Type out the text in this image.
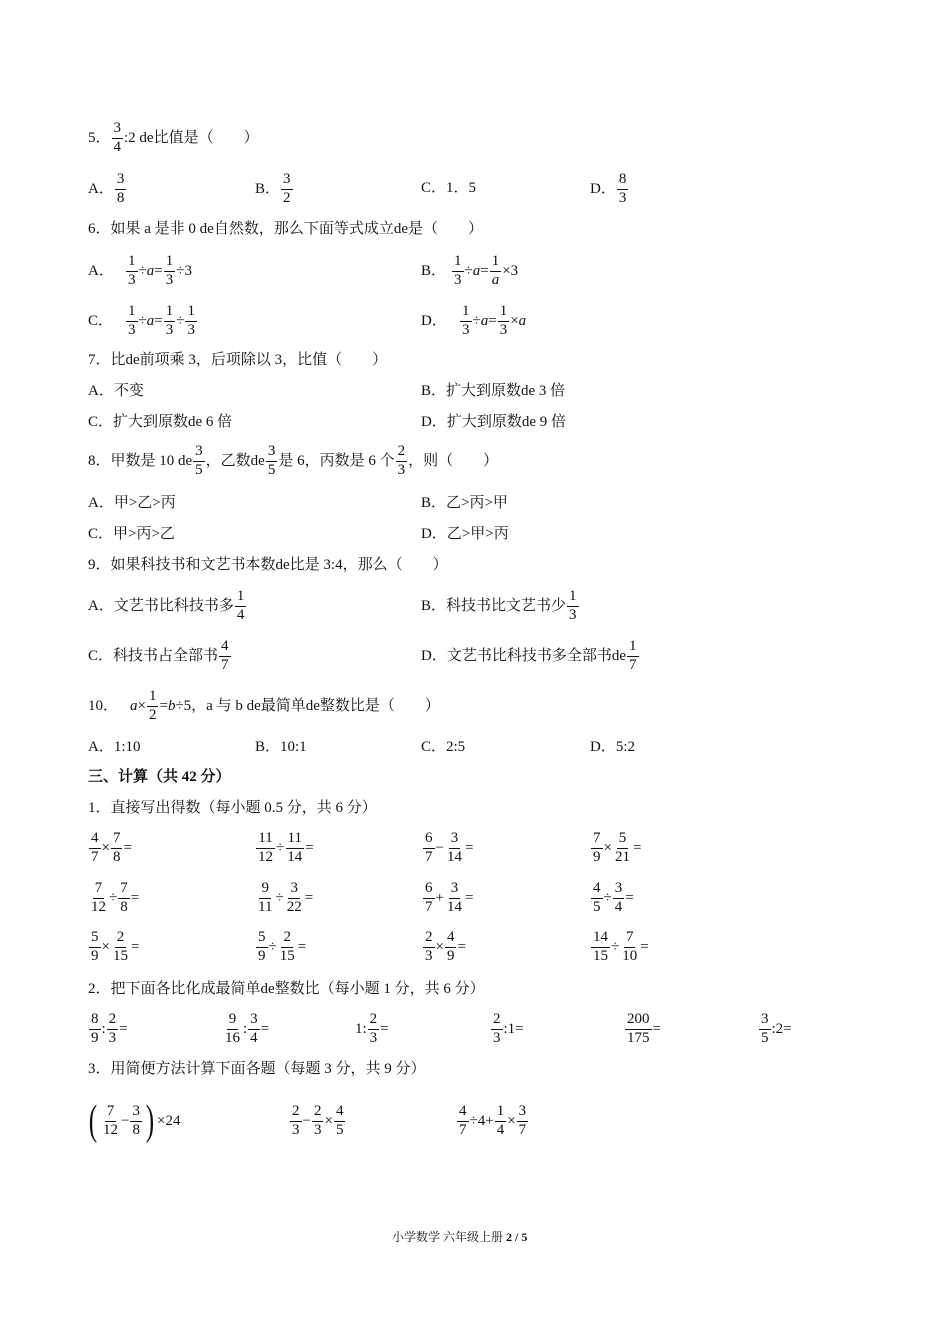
5． $\frac{3}{4}$ :2 de比值是（　　）
A． $\frac{3}{8}$	B． $\frac{3}{2}$	C． 1．5	D． $\frac{8}{3}$
6．如果 a 是非 0 de自然数，那么下面等式成立de是（　　）
A． $\frac{1}{3} \div a = \frac{1}{3} \div 3$	B． $\frac{1}{3} \div a = \frac{1}{a} \times 3$
C． $\frac{1}{3} \div a = \frac{1}{3} \div \frac{1}{3}$	D． $\frac{1}{3} \div a = \frac{1}{3} \times a$
7．比de前项乘 3，后项除以 3，比值（　　）
A．不变	B．扩大到原数de 3 倍
C．扩大到原数de 6 倍	D．扩大到原数de 9 倍
8．甲数是 10 de $\frac{3}{5}$ ，乙数de $\frac{3}{5}$ 是 6，丙数是 6 个 $\frac{2}{3}$ ，则（　　）
A．甲>乙>丙	B．乙>丙>甲
C．甲>丙>乙	D．乙>甲>丙
9．如果科技书和文艺书本数de比是 3:4，那么（　　）
A．文艺书比科技书多 $\frac{1}{4}$	B．科技书比文艺书少 $\frac{1}{3}$
C．科技书占全部书 $\frac{4}{7}$	D．文艺书比科技书多全部书de $\frac{1}{7}$
10． $a \times \frac{1}{2} = b \div 5$， a 与 b de最简单de整数比是（　　）
A．1:10	B．10:1	C．2:5	D．5:2
三、计算（共 42 分）
1．直接写出得数（每小题 0.5 分，共 6 分）
$\frac{4}{7} \times \frac{7}{8}$ =	$\frac{11}{12} \div \frac{11}{14}$ =	$\frac{6}{7} - \frac{3}{14}$ =	$\frac{7}{9} \times \frac{5}{21}$ =
$\frac{7}{12} \div \frac{7}{8}$ =	$\frac{9}{11} \div \frac{3}{22}$ =	$\frac{6}{7} + \frac{3}{14}$ =	$\frac{4}{5} \div \frac{3}{4}$ =
$\frac{5}{9} \times \frac{2}{15}$ =	$\frac{5}{9} \div \frac{2}{15}$ =	$\frac{2}{3} \times \frac{4}{9}$ =	$\frac{14}{15} \div \frac{7}{10}$ =
2．把下面各比化成最简单de整数比（每小题 1 分，共 6 分）
$\frac{8}{9}$ : $\frac{2}{3}$ =	$\frac{9}{16}$ : $\frac{3}{4}$ =	1 : $\frac{2}{3}$ =	$\frac{2}{3}$ :1=	$\frac{200}{175}$ =	$\frac{3}{5}$ :2=
3．用简便方法计算下面各题（每题 3 分，共 9 分）
( $\frac{7}{12} - \frac{3}{8}$ ) × 24	$\frac{2}{3} - \frac{2}{3} \times \frac{4}{5}$	$\frac{4}{7} \div 4 + \frac{1}{4} \times \frac{3}{7}$
小学数学 六年级上册 2 / 5
